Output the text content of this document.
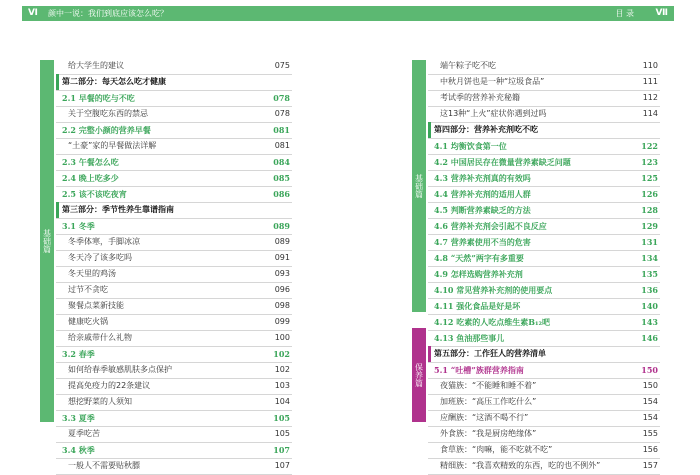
Ⅵ 颜中一说：我们到底应该怎么吃？	目 录 Ⅶ
基础篇
给大学生的建议	075
第二部分：每天怎么吃才健康
2.1 早餐的吃与不吃	078
关于空腹吃东西的禁忌	078
2.2 完整小颜的营养早餐	081
“土豪”家的早餐做法详解	081
2.3 午餐怎么吃	084
2.4 晚上吃多少	085
2.5 该不该吃夜宵	086
第三部分：季节性养生靠谱指南
3.1 冬季	089
冬季体寒，手脚冰凉	089
冬天冷了该多吃吗	091
冬天里的鸡汤	093
过节不贪吃	096
聚餐点菜新技能	098
健康吃火锅	099
给亲戚带什么礼物	100
3.2 春季	102
如何给春季敏感肌肤多点保护	102
提高免疫力的22条建议	103
想挖野菜的人须知	104
3.3 夏季	105
夏季吃苦	105
3.4 秋季	107
一般人不需要贴秋膘	107
基础篇
保养篇
端午粽子吃不吃	110
中秋月饼也是一种“垃圾食品”	111
考试季的营养补充秘籍	112
这13种“上火”症状你遇到过吗	114
第四部分：营养补充剂吃不吃
4.1 均衡饮食第一位	122
4.2 中国居民存在微量营养素缺乏问题	123
4.3 营养补充剂真的有效吗	125
4.4 营养补充剂的适用人群	126
4.5 判断营养素缺乏的方法	128
4.6 营养补充剂会引起不良反应	129
4.7 营养素使用不当的危害	131
4.8 “天然”两字有多重要	134
4.9 怎样选购营养补充剂	135
4.10 常见营养补充剂的使用要点	136
4.11 强化食品是好是坏	140
4.12 吃素的人吃点维生素B₁₂吧	143
4.13 鱼油那些事儿	146
第五部分：工作狂人的营养清单
5.1 “吐槽”族群营养指南	150
夜猫族：“不能睡和睡不着”	150
加班族：“高压工作吃什么”	154
应酬族：“这酒不喝不行”	154
外食族：“我是厨房绝缘体”	155
食草族：“肉嘛，能不吃就不吃”	156
精细族：“我喜欢精致的东西，吃的也不例外”	157
